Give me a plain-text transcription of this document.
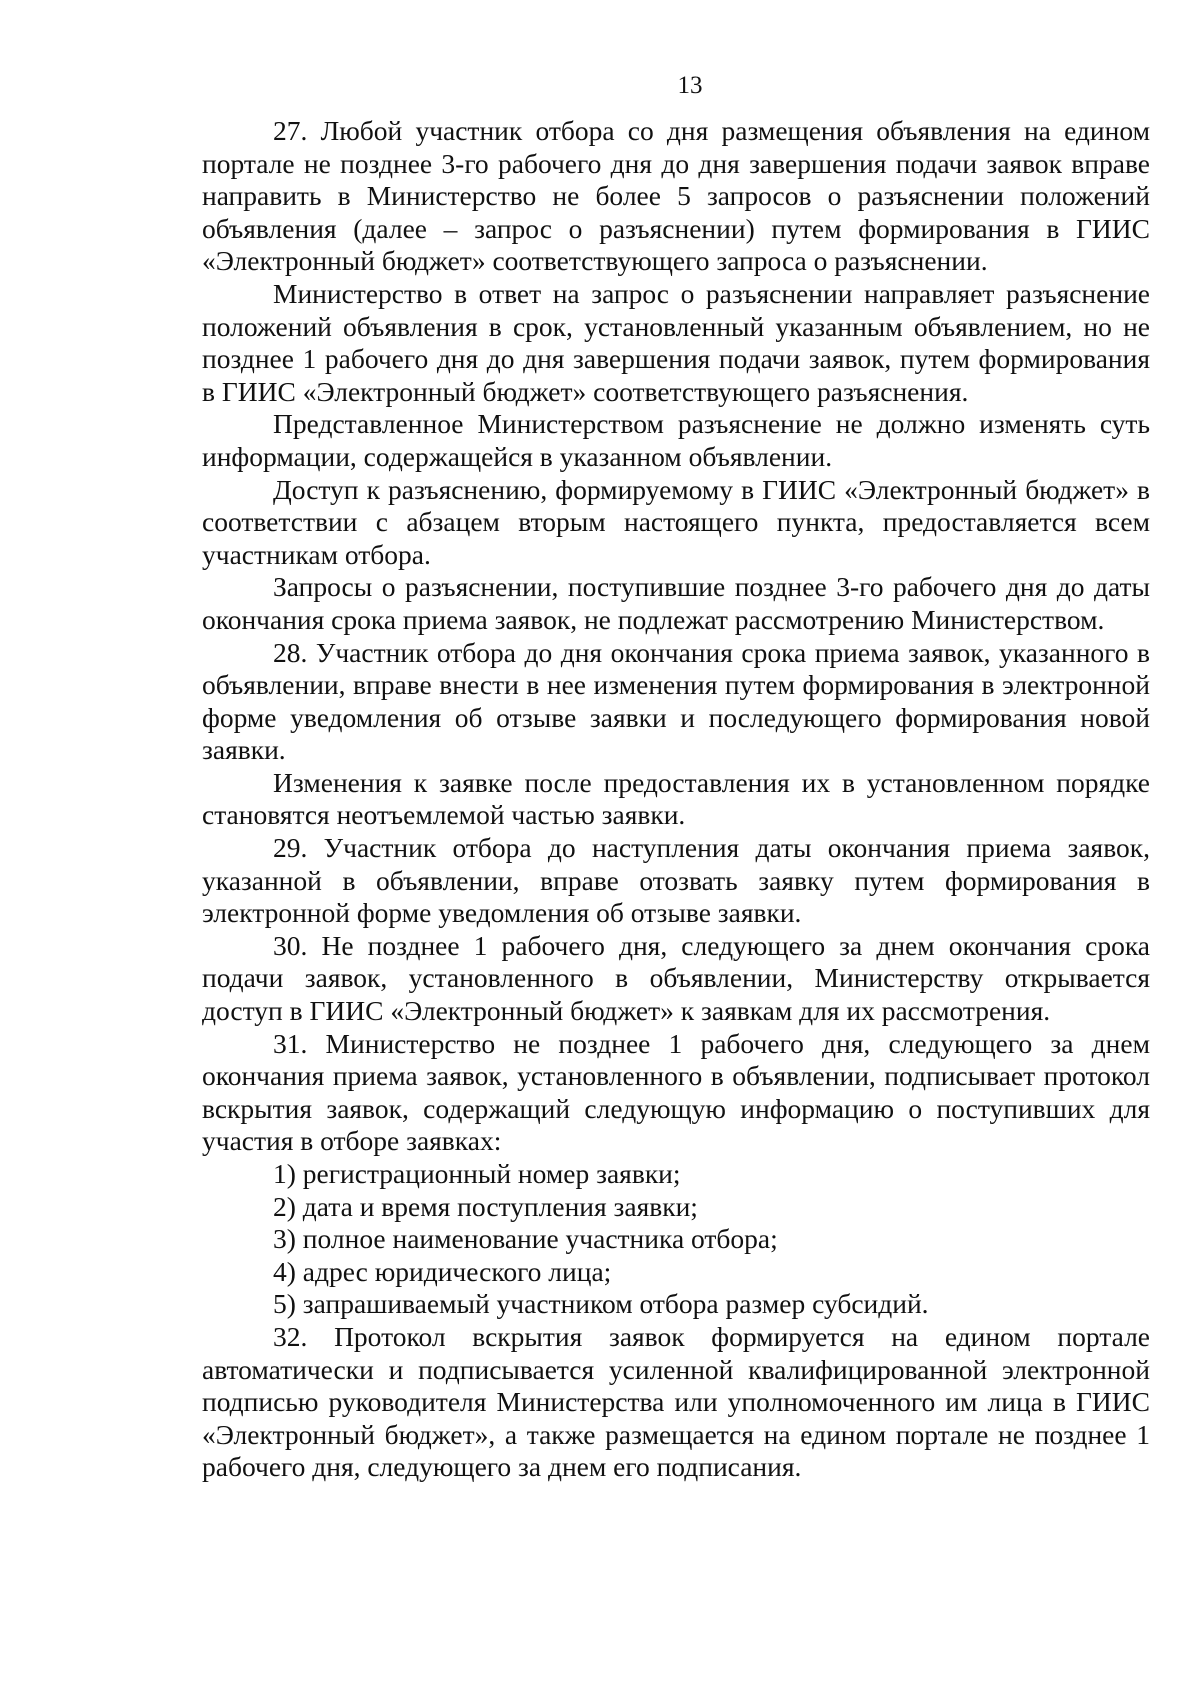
13

27. Любой участник отбора со дня размещения объявления на едином портале не позднее 3-го рабочего дня до дня завершения подачи заявок вправе направить в Министерство не более 5 запросов о разъяснении положений объявления (далее – запрос о разъяснении) путем формирования в ГИИС «Электронный бюджет» соответствующего запроса о разъяснении.

Министерство в ответ на запрос о разъяснении направляет разъяснение положений объявления в срок, установленный указанным объявлением, но не позднее 1 рабочего дня до дня завершения подачи заявок, путем формирования в ГИИС «Электронный бюджет» соответствующего разъяснения.

Представленное Министерством разъяснение не должно изменять суть информации, содержащейся в указанном объявлении.

Доступ к разъяснению, формируемому в ГИИС «Электронный бюджет» в соответствии с абзацем вторым настоящего пункта, предоставляется всем участникам отбора.

Запросы о разъяснении, поступившие позднее 3-го рабочего дня до даты окончания срока приема заявок, не подлежат рассмотрению Министерством.

28. Участник отбора до дня окончания срока приема заявок, указанного в объявлении, вправе внести в нее изменения путем формирования в электронной форме уведомления об отзыве заявки и последующего формирования новой заявки.

Изменения к заявке после предоставления их в установленном порядке становятся неотъемлемой частью заявки.

29. Участник отбора до наступления даты окончания приема заявок, указанной в объявлении, вправе отозвать заявку путем формирования в электронной форме уведомления об отзыве заявки.

30. Не позднее 1 рабочего дня, следующего за днем окончания срока подачи заявок, установленного в объявлении, Министерству открывается доступ в ГИИС «Электронный бюджет» к заявкам для их рассмотрения.

31. Министерство не позднее 1 рабочего дня, следующего за днем окончания приема заявок, установленного в объявлении, подписывает протокол вскрытия заявок, содержащий следующую информацию о поступивших для участия в отборе заявках:

1) регистрационный номер заявки;

2) дата и время поступления заявки;

3) полное наименование участника отбора;

4) адрес юридического лица;

5) запрашиваемый участником отбора размер субсидий.

32. Протокол вскрытия заявок формируется на едином портале автоматически и подписывается усиленной квалифицированной электронной подписью руководителя Министерства или уполномоченного им лица в ГИИС «Электронный бюджет», а также размещается на едином портале не позднее 1 рабочего дня, следующего за днем его подписания.
